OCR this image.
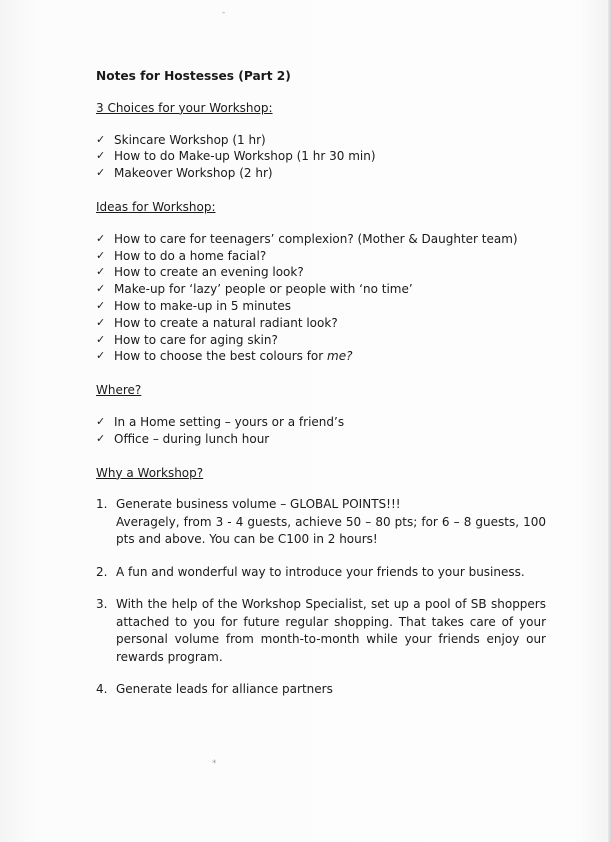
‑
⁎
Notes for Hostesses (Part 2)
3 Choices for your Workshop:
✓ Skincare Workshop (1 hr)
✓ How to do Make-up Workshop (1 hr 30 min)
✓ Makeover Workshop (2 hr)
Ideas for Workshop:
✓ How to care for teenagers’ complexion? (Mother & Daughter team)
✓ How to do a home facial?
✓ How to create an evening look?
✓ Make-up for ‘lazy’ people or people with ‘no time’
✓ How to make-up in 5 minutes
✓ How to create a natural radiant look?
✓ How to care for aging skin?
✓ How to choose the best colours for me?
Where?
✓ In a Home setting – yours or a friend’s
✓ Office – during lunch hour
Why a Workshop?
1. Generate business volume – GLOBAL POINTS!!!
Averagely, from 3 - 4 guests, achieve 50 – 80 pts; for 6 – 8 guests, 100 pts and above. You can be C100 in 2 hours!
2. A fun and wonderful way to introduce your friends to your business.
3. With the help of the Workshop Specialist, set up a pool of SB shoppers attached to you for future regular shopping. That takes care of your personal volume from month-to-month while your friends enjoy our rewards program.
4. Generate leads for alliance partners
